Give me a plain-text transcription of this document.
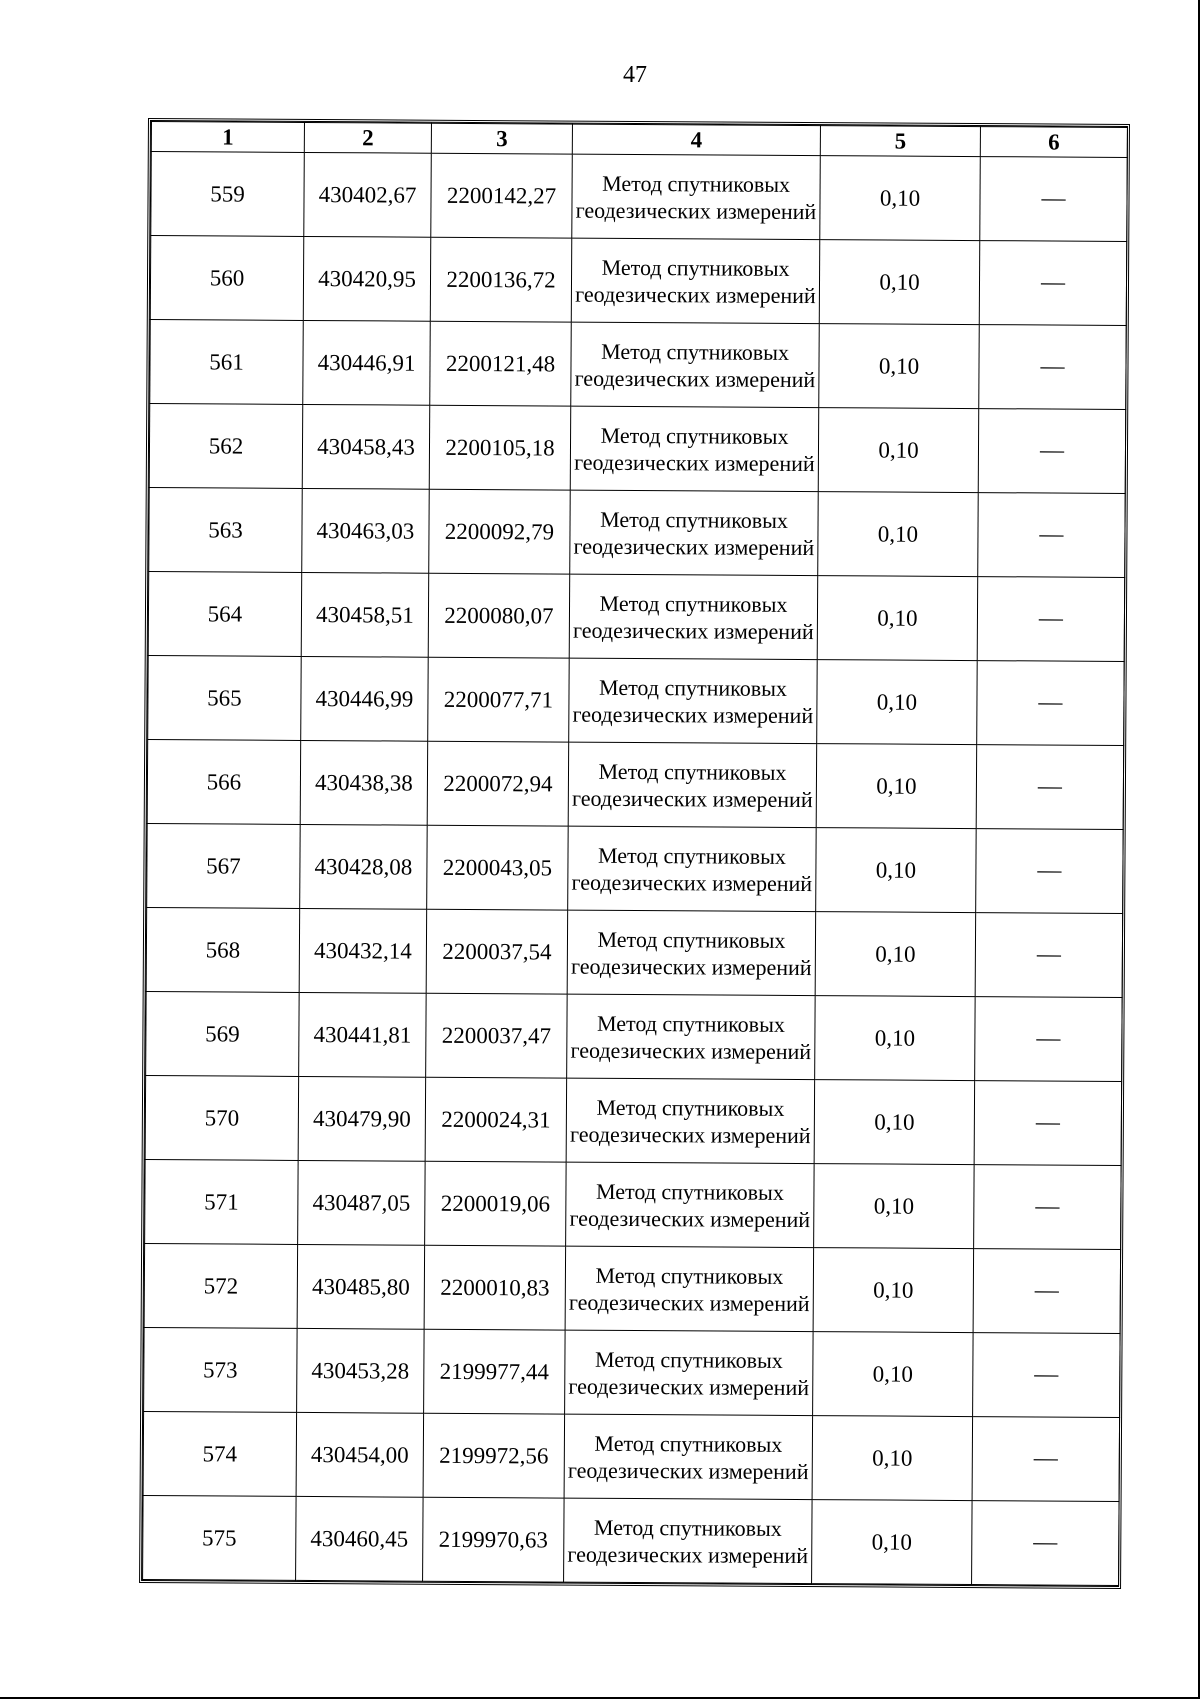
47
1	2	3	4	5	6
559	430402,67	2200142,27	Метод спутниковых геодезических измерений	0,10	—
560	430420,95	2200136,72	Метод спутниковых геодезических измерений	0,10	—
561	430446,91	2200121,48	Метод спутниковых геодезических измерений	0,10	—
562	430458,43	2200105,18	Метод спутниковых геодезических измерений	0,10	—
563	430463,03	2200092,79	Метод спутниковых геодезических измерений	0,10	—
564	430458,51	2200080,07	Метод спутниковых геодезических измерений	0,10	—
565	430446,99	2200077,71	Метод спутниковых геодезических измерений	0,10	—
566	430438,38	2200072,94	Метод спутниковых геодезических измерений	0,10	—
567	430428,08	2200043,05	Метод спутниковых геодезических измерений	0,10	—
568	430432,14	2200037,54	Метод спутниковых геодезических измерений	0,10	—
569	430441,81	2200037,47	Метод спутниковых геодезических измерений	0,10	—
570	430479,90	2200024,31	Метод спутниковых геодезических измерений	0,10	—
571	430487,05	2200019,06	Метод спутниковых геодезических измерений	0,10	—
572	430485,80	2200010,83	Метод спутниковых геодезических измерений	0,10	—
573	430453,28	2199977,44	Метод спутниковых геодезических измерений	0,10	—
574	430454,00	2199972,56	Метод спутниковых геодезических измерений	0,10	—
575	430460,45	2199970,63	Метод спутниковых геодезических измерений	0,10	—
